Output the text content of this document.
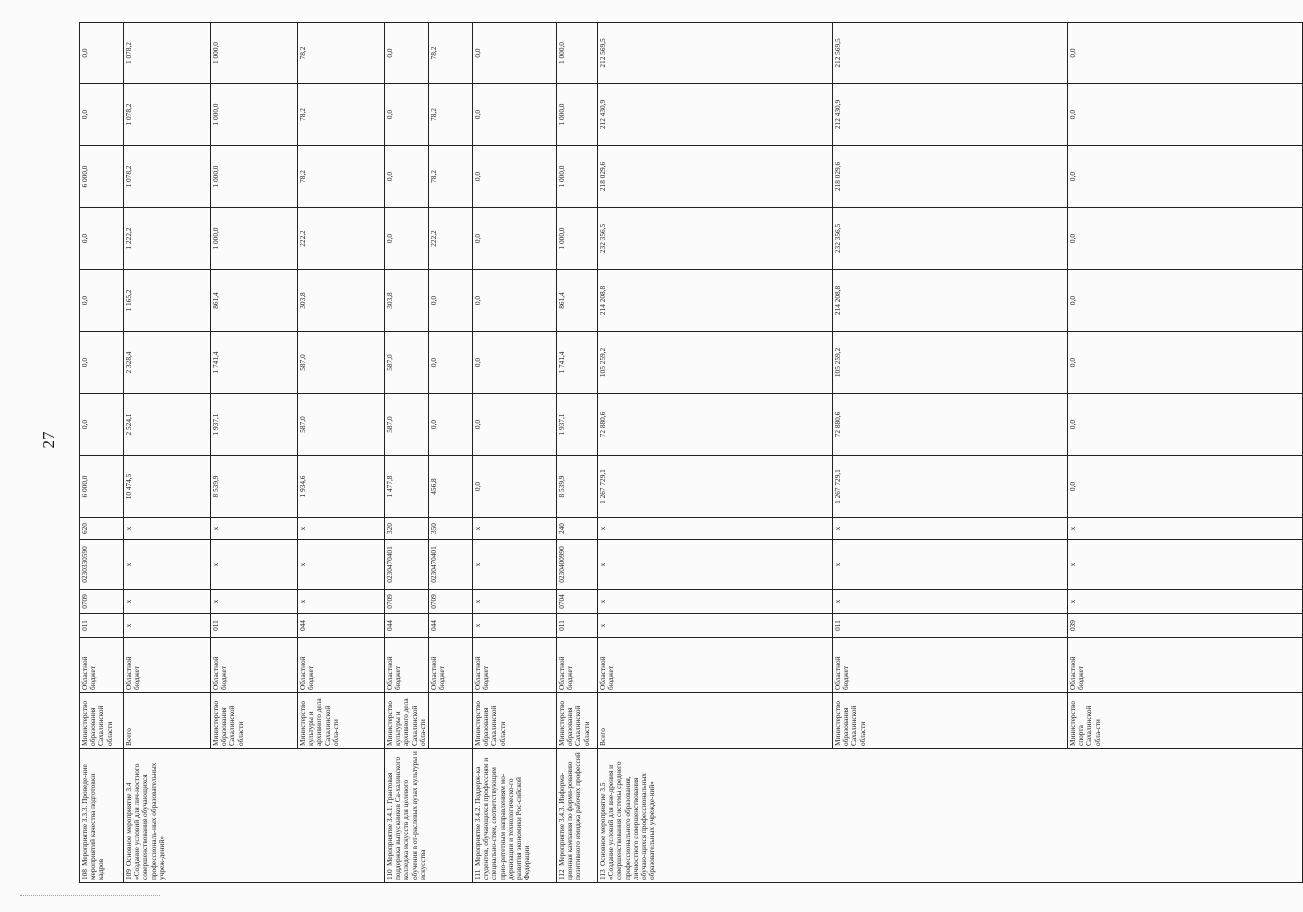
27
108Мероприятие 3.3.3. Проведе-ние мероприятий качества подготовки кадров	Министерство образования Сахалинской области	Областной бюджет	011	0709	0230330590	620	6 000,0	0,0	0,0	0,0	0,0	6 000,0	0,0	0,0
109Основное мероприятие 3.4 «Создание условий для лич-ностного совершенствования обучающихся профессиональ-ных образовательных учреж-дений»	Всего	Областной бюджет	x	x	x	x	10 474,5	2 524,1	2 328,4	1 165,2	1 222,2	1 078,2	1 078,2	1 078,2
	Министерство образования Сахалинской области	Областной бюджет	011	x	x	x	8 539,9	1 937,1	1 741,4	861,4	1 000,0	1 000,0	1 000,0	1 000,0
	Министерство культуры и архивного дела Сахалинской обла-сти	Областной бюджет	044	x	x	x	1 934,6	587,0	587,0	303,8	222,2	78,2	78,2	78,2
110Мероприятие 3.4.1. Грантовая поддержка выпускников Са-халинского колледжа искусств для целевого обучения в от-раслевых вузах культуры и искусства	Министерство культуры и архивного дела Сахалинской обла-сти	Областной бюджет	044	0709	0230470401	320	1 477,8	587,0	587,0	303,8	0,0	0,0	0,0	0,0
		Областной бюджет	044	0709	0230470401	350	456,8	0,0	0,0	0,0	222,2	78,2	78,2	78,2
111Мероприятие 3.4.2. Поддерж-ка студентов, обучающихся профессиям и специально-стям, соответствующим прио-ритетным направлениям мо-дернизации и технологическо-го развития экономики Рос-сийской Федерации	Министерство образования Сахалинской области	Областной бюджет	x	x	x	x	0,0	0,0	0,0	0,0	0,0	0,0	0,0	0,0
112Мероприятие 3.4.3. Информа-ционная кампания по форми-рованию позитивного имиджа рабочих профессий	Министерство образования Сахалинской области	Областной бюджет	011	0704	0230400990	240	8 539,9	1 937,1	1 741,4	861,4	1 000,0	1 000,0	1 000,0	1 000,0
113Основное мероприятие 3.5 «Создание условий для вне-дрения и совершенствования системы среднего профессионального образования, личностного совершенствования обучаю-щихся профессиональных образовательных учрежде-ний»	Всего	Областной бюджет	x	x	x	x	1 267 729,1	72 880,6	105 259,2	214 208,8	232 356,5	218 029,6	212 430,9	212 569,5
	Министерство образования Сахалинской области	Областной бюджет	011	x	x	x	1 267 729,1	72 880,6	105 259,2	214 208,8	232 356,5	218 029,6	212 430,9	212 569,5
	Министерство спорта Сахалинской обла-сти	Областной бюджет	039	x	x	x	0,0	0,0	0,0	0,0	0,0	0,0	0,0	0,0
